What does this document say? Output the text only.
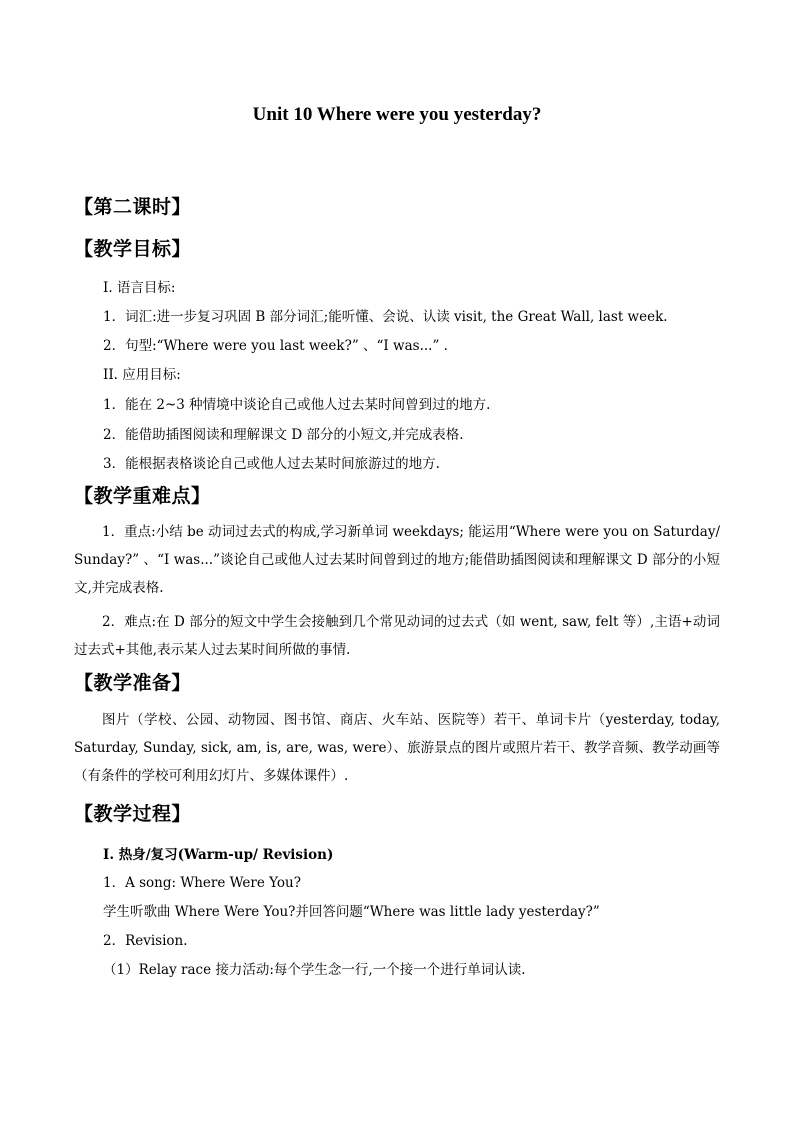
Unit 10 Where were you yesterday?
【第二课时】
【教学目标】
I. 语言目标:
1．词汇:进一步复习巩固 B 部分词汇;能听懂、会说、认读 visit, the Great Wall, last week.
2．句型:“Where were you last week?” 、“I was...” .
II. 应用目标:
1．能在 2~3 种情境中谈论自己或他人过去某时间曾到过的地方.
2．能借助插图阅读和理解课文 D 部分的小短文,并完成表格.
3．能根据表格谈论自己或他人过去某时间旅游过的地方.
【教学重难点】
1．重点:小结 be 动词过去式的构成,学习新单词 weekdays; 能运用“Where were you on Saturday/ Sunday?” 、“I was...”谈论自己或他人过去某时间曾到过的地方;能借助插图阅读和理解课文 D 部分的小短文,并完成表格.
2．难点:在 D 部分的短文中学生会接触到几个常见动词的过去式（如 went, saw, felt 等）,主语+动词过去式+其他,表示某人过去某时间所做的事情.
【教学准备】
图片（学校、公园、动物园、图书馆、商店、火车站、医院等）若干、单词卡片（yesterday, today, Saturday, Sunday, sick, am, is, are, was, were）、旅游景点的图片或照片若干、教学音频、教学动画等（有条件的学校可利用幻灯片、多媒体课件）.
【教学过程】
I. 热身/复习(Warm-up/ Revision)
1．A song: Where Were You?
学生听歌曲 Where Were You?并回答问题“Where was little lady yesterday?”
2．Revision.
（1）Relay race 接力活动:每个学生念一行,一个接一个进行单词认读.
